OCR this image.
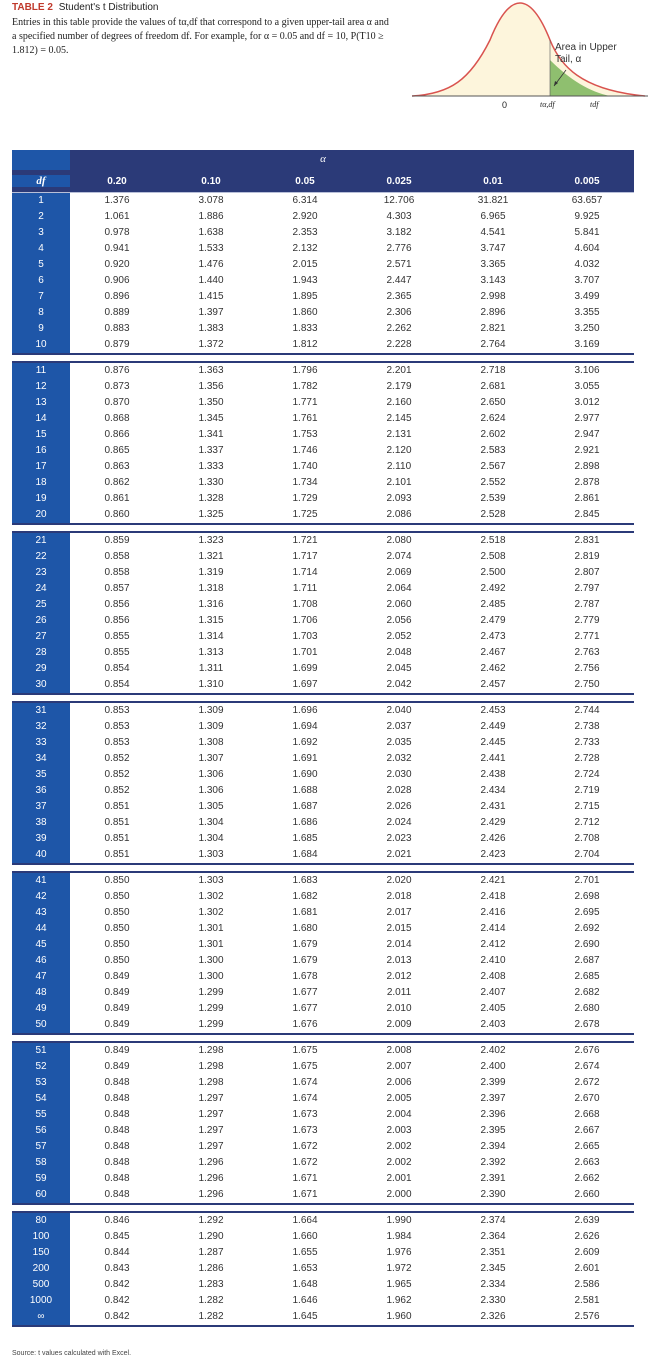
TABLE 2 Student's t Distribution
Entries in this table provide the values of tα,df that correspond to a given upper-tail area α and a specified number of degrees of freedom df. For example, for α = 0.05 and df = 10, P(T10 ≥ 1.812) = 0.05.	Area in Upper
Tail, α
0	tα,df	tdf
α
df	0.20	0.10	0.05	0.025	0.01	0.005
1	1.376	3.078	6.314	12.706	31.821	63.657
2	1.061	1.886	2.920	4.303	6.965	9.925
3	0.978	1.638	2.353	3.182	4.541	5.841
4	0.941	1.533	2.132	2.776	3.747	4.604
5	0.920	1.476	2.015	2.571	3.365	4.032
6	0.906	1.440	1.943	2.447	3.143	3.707
7	0.896	1.415	1.895	2.365	2.998	3.499
8	0.889	1.397	1.860	2.306	2.896	3.355
9	0.883	1.383	1.833	2.262	2.821	3.250
10	0.879	1.372	1.812	2.228	2.764	3.169
11	0.876	1.363	1.796	2.201	2.718	3.106
12	0.873	1.356	1.782	2.179	2.681	3.055
13	0.870	1.350	1.771	2.160	2.650	3.012
14	0.868	1.345	1.761	2.145	2.624	2.977
15	0.866	1.341	1.753	2.131	2.602	2.947
16	0.865	1.337	1.746	2.120	2.583	2.921
17	0.863	1.333	1.740	2.110	2.567	2.898
18	0.862	1.330	1.734	2.101	2.552	2.878
19	0.861	1.328	1.729	2.093	2.539	2.861
20	0.860	1.325	1.725	2.086	2.528	2.845
21	0.859	1.323	1.721	2.080	2.518	2.831
22	0.858	1.321	1.717	2.074	2.508	2.819
23	0.858	1.319	1.714	2.069	2.500	2.807
24	0.857	1.318	1.711	2.064	2.492	2.797
25	0.856	1.316	1.708	2.060	2.485	2.787
26	0.856	1.315	1.706	2.056	2.479	2.779
27	0.855	1.314	1.703	2.052	2.473	2.771
28	0.855	1.313	1.701	2.048	2.467	2.763
29	0.854	1.311	1.699	2.045	2.462	2.756
30	0.854	1.310	1.697	2.042	2.457	2.750
31	0.853	1.309	1.696	2.040	2.453	2.744
32	0.853	1.309	1.694	2.037	2.449	2.738
33	0.853	1.308	1.692	2.035	2.445	2.733
34	0.852	1.307	1.691	2.032	2.441	2.728
35	0.852	1.306	1.690	2.030	2.438	2.724
36	0.852	1.306	1.688	2.028	2.434	2.719
37	0.851	1.305	1.687	2.026	2.431	2.715
38	0.851	1.304	1.686	2.024	2.429	2.712
39	0.851	1.304	1.685	2.023	2.426	2.708
40	0.851	1.303	1.684	2.021	2.423	2.704
41	0.850	1.303	1.683	2.020	2.421	2.701
42	0.850	1.302	1.682	2.018	2.418	2.698
43	0.850	1.302	1.681	2.017	2.416	2.695
44	0.850	1.301	1.680	2.015	2.414	2.692
45	0.850	1.301	1.679	2.014	2.412	2.690
46	0.850	1.300	1.679	2.013	2.410	2.687
47	0.849	1.300	1.678	2.012	2.408	2.685
48	0.849	1.299	1.677	2.011	2.407	2.682
49	0.849	1.299	1.677	2.010	2.405	2.680
50	0.849	1.299	1.676	2.009	2.403	2.678
51	0.849	1.298	1.675	2.008	2.402	2.676
52	0.849	1.298	1.675	2.007	2.400	2.674
53	0.848	1.298	1.674	2.006	2.399	2.672
54	0.848	1.297	1.674	2.005	2.397	2.670
55	0.848	1.297	1.673	2.004	2.396	2.668
56	0.848	1.297	1.673	2.003	2.395	2.667
57	0.848	1.297	1.672	2.002	2.394	2.665
58	0.848	1.296	1.672	2.002	2.392	2.663
59	0.848	1.296	1.671	2.001	2.391	2.662
60	0.848	1.296	1.671	2.000	2.390	2.660
80	0.846	1.292	1.664	1.990	2.374	2.639
100	0.845	1.290	1.660	1.984	2.364	2.626
150	0.844	1.287	1.655	1.976	2.351	2.609
200	0.843	1.286	1.653	1.972	2.345	2.601
500	0.842	1.283	1.648	1.965	2.334	2.586
1000	0.842	1.282	1.646	1.962	2.330	2.581
∞	0.842	1.282	1.645	1.960	2.326	2.576
Source: t values calculated with Excel.
